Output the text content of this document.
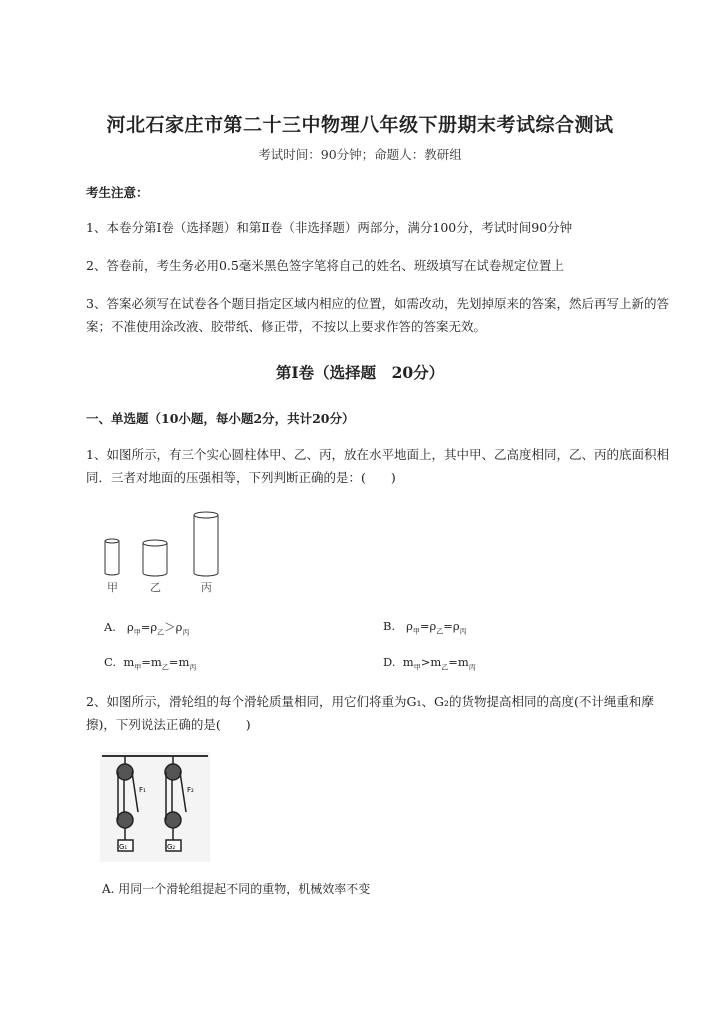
河北石家庄市第二十三中物理八年级下册期末考试综合测试
考试时间：90分钟；命题人：教研组
考生注意：
1、本卷分第Ⅰ卷（选择题）和第Ⅱ卷（非选择题）两部分，满分100分，考试时间90分钟
2、答卷前，考生务必用0.5毫米黑色签字笔将自己的姓名、班级填写在试卷规定位置上
3、答案必须写在试卷各个题目指定区域内相应的位置，如需改动，先划掉原来的答案，然后再写上新的答案；不准使用涂改液、胶带纸、修正带，不按以上要求作答的答案无效。
第Ⅰ卷（选择题　20分）
一、单选题（10小题，每小题2分，共计20分）
1、如图所示，有三个实心圆柱体甲、乙、丙，放在水平地面上，其中甲、乙高度相同，乙、丙的底面积相同．三者对地面的压强相等，下列判断正确的是：(　　)
甲	乙	丙
A. $\rho_甲=\rho_乙>\rho_丙$	B. $\rho_甲=\rho_乙=\rho_丙$
C. $m_甲=m_乙=m_丙$	D. $m_甲>m_乙=m_丙$
2、如图所示，滑轮组的每个滑轮质量相同，用它们将重为G₁、G₂的货物提高相同的高度(不计绳重和摩擦)，下列说法正确的是(　　)
G₁	G₂
F₁	F₂
A. 用同一个滑轮组提起不同的重物，机械效率不变
